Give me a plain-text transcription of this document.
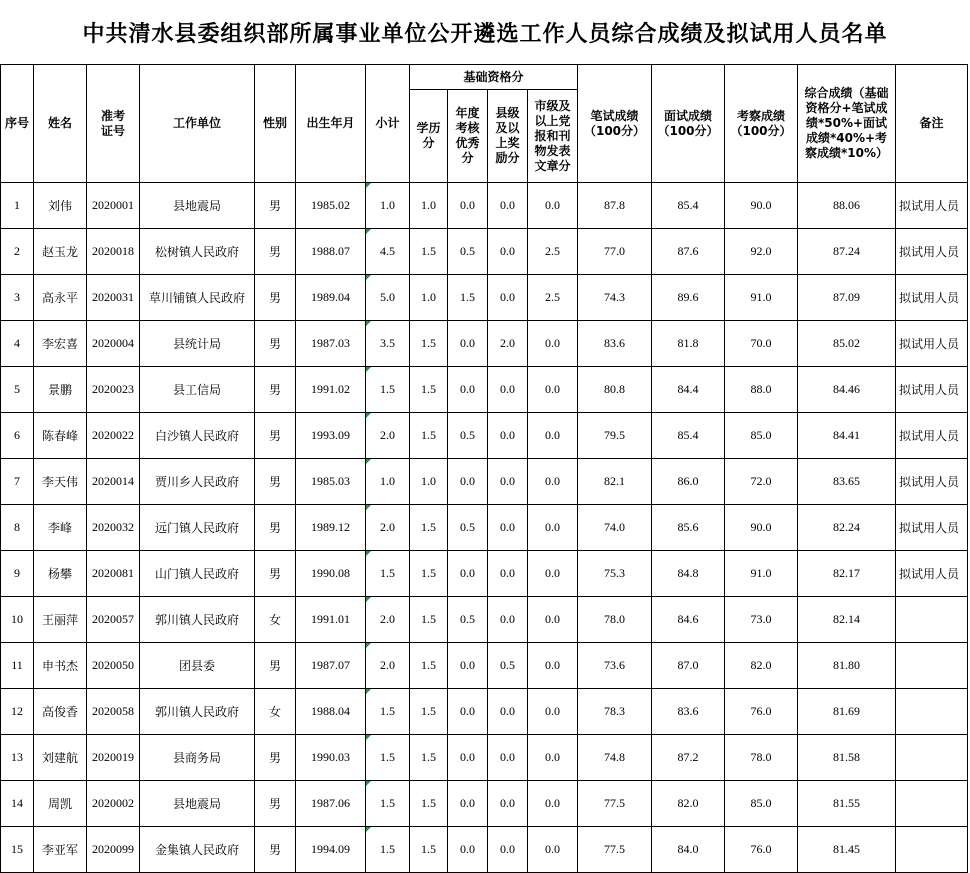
中共清水县委组织部所属事业单位公开遴选工作人员综合成绩及拟试用人员名单
序号	姓名	准考证号	工作单位	性别	出生年月	小计	基础资格分				笔试成绩（100分）	面试成绩（100分）	考察成绩（100分）	综合成绩（基础资格分+笔试成绩*50%+面试成绩*40%+考察成绩*10%）	备注
							学历分	年度考核优秀分	县级及以上奖励分	市级及以上党报和刊物发表文章分					
1	刘伟	2020001	县地震局	男	1985.02	1.0	1.0	0.0	0.0	0.0	87.8	85.4	90.0	88.06	拟试用人员
2	赵玉龙	2020018	松树镇人民政府	男	1988.07	4.5	1.5	0.5	0.0	2.5	77.0	87.6	92.0	87.24	拟试用人员
3	高永平	2020031	草川铺镇人民政府	男	1989.04	5.0	1.0	1.5	0.0	2.5	74.3	89.6	91.0	87.09	拟试用人员
4	李宏喜	2020004	县统计局	男	1987.03	3.5	1.5	0.0	2.0	0.0	83.6	81.8	70.0	85.02	拟试用人员
5	景鹏	2020023	县工信局	男	1991.02	1.5	1.5	0.0	0.0	0.0	80.8	84.4	88.0	84.46	拟试用人员
6	陈春峰	2020022	白沙镇人民政府	男	1993.09	2.0	1.5	0.5	0.0	0.0	79.5	85.4	85.0	84.41	拟试用人员
7	李天伟	2020014	贾川乡人民政府	男	1985.03	1.0	1.0	0.0	0.0	0.0	82.1	86.0	72.0	83.65	拟试用人员
8	李峰	2020032	远门镇人民政府	男	1989.12	2.0	1.5	0.5	0.0	0.0	74.0	85.6	90.0	82.24	拟试用人员
9	杨攀	2020081	山门镇人民政府	男	1990.08	1.5	1.5	0.0	0.0	0.0	75.3	84.8	91.0	82.17	拟试用人员
10	王丽萍	2020057	郭川镇人民政府	女	1991.01	2.0	1.5	0.5	0.0	0.0	78.0	84.6	73.0	82.14	
11	申书杰	2020050	团县委	男	1987.07	2.0	1.5	0.0	0.5	0.0	73.6	87.0	82.0	81.80	
12	高俊香	2020058	郭川镇人民政府	女	1988.04	1.5	1.5	0.0	0.0	0.0	78.3	83.6	76.0	81.69	
13	刘建航	2020019	县商务局	男	1990.03	1.5	1.5	0.0	0.0	0.0	74.8	87.2	78.0	81.58	
14	周凯	2020002	县地震局	男	1987.06	1.5	1.5	0.0	0.0	0.0	77.5	82.0	85.0	81.55	
15	李亚军	2020099	金集镇人民政府	男	1994.09	1.5	1.5	0.0	0.0	0.0	77.5	84.0	76.0	81.45	
